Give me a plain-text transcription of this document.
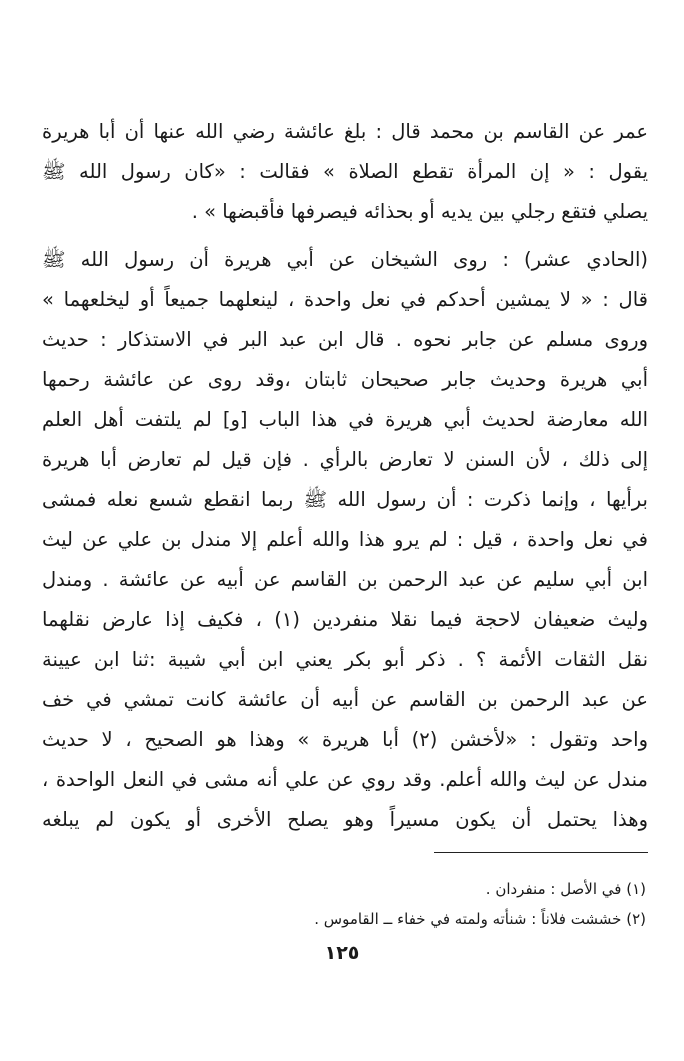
عمر عن القاسم بن محمد قال : بلغ عائشة رضي الله عنها أن أبا هريرة
يقول : « إن المرأة تقطع الصلاة » فقالت : «كان رسول الله ﷺ
يصلي فتقع رجلي بين يديه أو بحذائه فيصرفها فأقبضها » .
(الحادي عشر) : روى الشيخان عن أبي هريرة أن رسول الله ﷺ
قال : « لا يمشين أحدكم في نعل واحدة ، لينعلهما جميعاً أو ليخلعهما »
وروى مسلم عن جابر نحوه . قال ابن عبد البر في الاستذكار : حديث
أبي هريرة وحديث جابر صحيحان ثابتان ،وقد روى عن عائشة رحمها
الله معارضة لحديث أبي هريرة في هذا الباب [و] لم يلتفت أهل العلم
إلى ذلك ، لأن السنن لا تعارض بالرأي . فإن قيل لم تعارض أبا هريرة
برأيها ، وإنما ذكرت : أن رسول الله ﷺ ربما انقطع شسع نعله فمشى
في نعل واحدة ، قيل : لم يرو هذا والله أعلم إلا مندل بن علي عن ليث
ابن أبي سليم عن عبد الرحمن بن القاسم عن أبيه عن عائشة . ومندل
وليث ضعيفان لاحجة فيما نقلا منفردين (١) ، فكيف إذا عارض نقلهما
نقل الثقات الأئمة ؟ . ذكر أبو بكر يعني ابن أبي شيبة :ثنا ابن عيينة
عن عبد الرحمن بن القاسم عن أبيه أن عائشة كانت تمشي في خف
واحد وتقول : «لأخشن (٢) أبا هريرة » وهذا هو الصحيح ، لا حديث
مندل عن ليث والله أعلم. وقد روي عن علي أنه مشى في النعل الواحدة ،
وهذا يحتمل أن يكون مسيراً وهو يصلح الأخرى أو يكون لم يبلغه
(١) في الأصل : منفردان .
(٢) خششت فلاناً : شنأته ولمته في خفاء ــ القاموس .
١٢٥
